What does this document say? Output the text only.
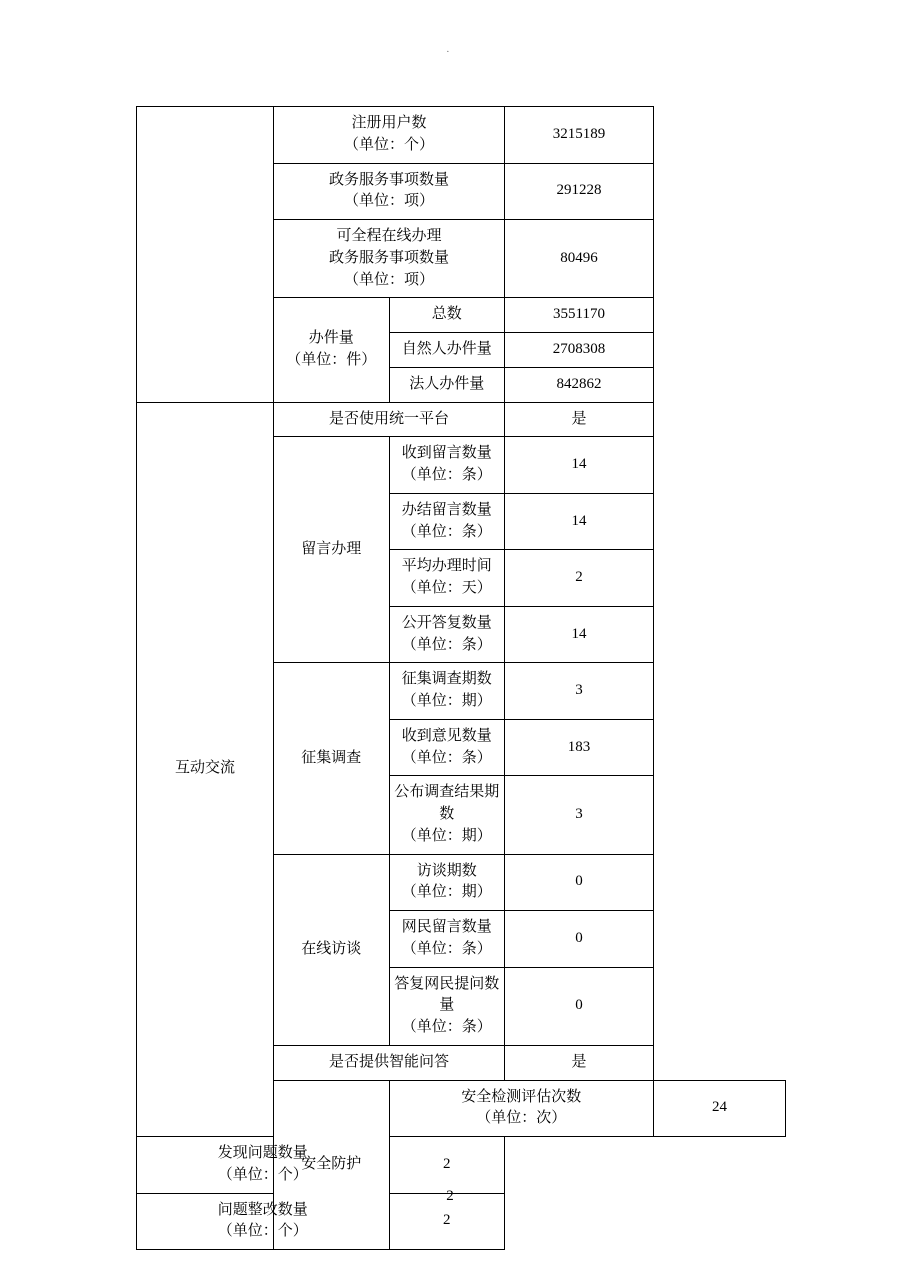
·
	注册用户数
（单位：个）		3215189	
	政务服务事项数量
（单位：项）		291228	

	可全程在线办理
政务服务事项数量
（单位：项）		80496	
	办件量
（单位：件）	总数	3551170	
		自然人办件量	2708308	
		法人办件量	842862	
互动交流	是否使用统一平台		是	
	留言办理	收到留言数量
（单位：条）	14	
		办结留言数量
（单位：条）	14	
		平均办理时间
（单位：天）	2	
		公开答复数量
（单位：条）	14	
	征集调查	征集调查期数
（单位：期）	3	
		收到意见数量
（单位：条）	183	
		公布调查结果期数
（单位：期）	3	
	在线访谈	访谈期数
（单位：期）	0	
		网民留言数量
（单位：条）	0	
		答复网民提问数量
（单位：条）	0	
	是否提供智能问答		是	
	安全防护	安全检测评估次数
（单位：次）		24
发现问题数量
（单位：个）		2		
问题整改数量
（单位：个）		2		
2
